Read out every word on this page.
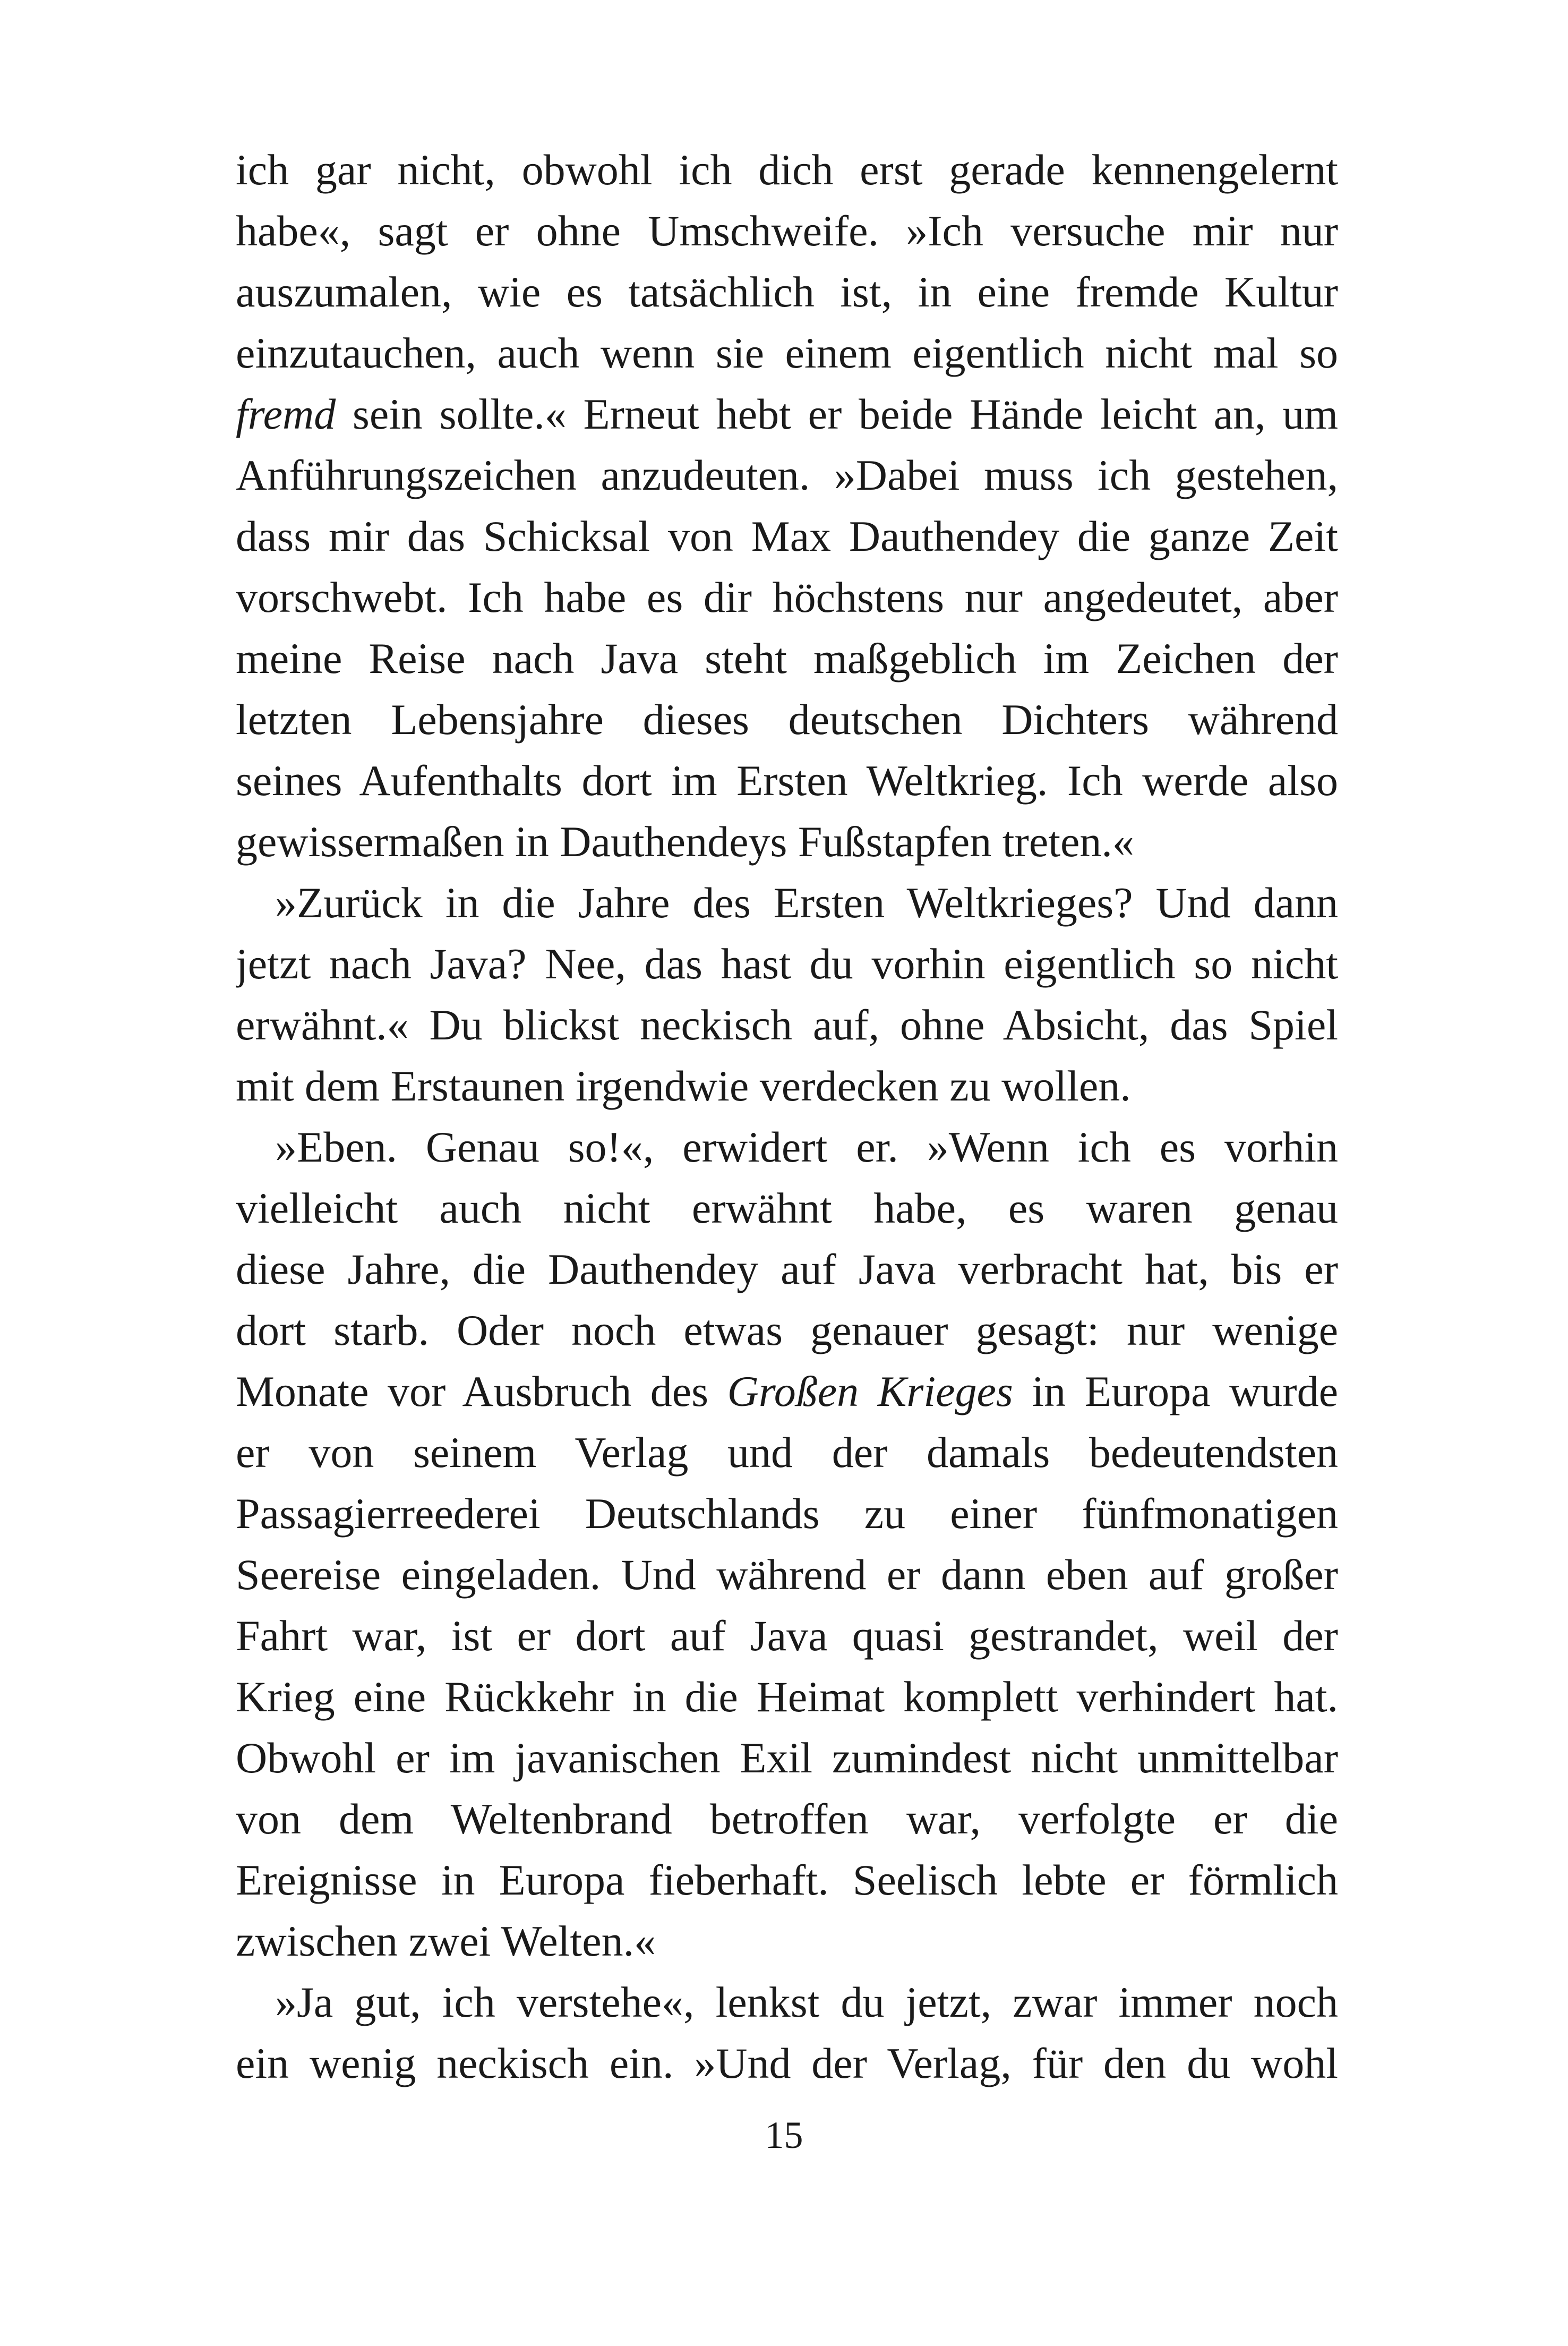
ich gar nicht, obwohl ich dich erst gerade kennengelernt
habe«, sagt er ohne Umschweife. »Ich versuche mir nur
auszumalen, wie es tatsächlich ist, in eine fremde Kultur
einzutauchen, auch wenn sie einem eigentlich nicht mal so
fremd sein sollte.« Erneut hebt er beide Hände leicht an, um
Anführungszeichen anzudeuten. »Dabei muss ich gestehen,
dass mir das Schicksal von Max Dauthendey die ganze Zeit
vorschwebt. Ich habe es dir höchstens nur angedeutet, aber
meine Reise nach Java steht maßgeblich im Zeichen der
letzten Lebensjahre dieses deutschen Dichters während
seines Aufenthalts dort im Ersten Weltkrieg. Ich werde also
gewissermaßen in Dauthendeys Fußstapfen treten.«
»Zurück in die Jahre des Ersten Weltkrieges? Und dann
jetzt nach Java? Nee, das hast du vorhin eigentlich so nicht
erwähnt.« Du blickst neckisch auf, ohne Absicht, das Spiel
mit dem Erstaunen irgendwie verdecken zu wollen.
»Eben. Genau so!«, erwidert er. »Wenn ich es vorhin
vielleicht auch nicht erwähnt habe, es waren genau
diese Jahre, die Dauthendey auf Java verbracht hat, bis er
dort starb. Oder noch etwas genauer gesagt: nur wenige
Monate vor Ausbruch des Großen Krieges in Europa wurde
er von seinem Verlag und der damals bedeutendsten
Passagierreederei Deutschlands zu einer fünfmonatigen
Seereise eingeladen. Und während er dann eben auf großer
Fahrt war, ist er dort auf Java quasi gestrandet, weil der
Krieg eine Rückkehr in die Heimat komplett verhindert hat.
Obwohl er im javanischen Exil zumindest nicht unmittelbar
von dem Weltenbrand betroffen war, verfolgte er die
Ereignisse in Europa fieberhaft. Seelisch lebte er förmlich
zwischen zwei Welten.«
»Ja gut, ich verstehe«, lenkst du jetzt, zwar immer noch
ein wenig neckisch ein. »Und der Verlag, für den du wohl
15
